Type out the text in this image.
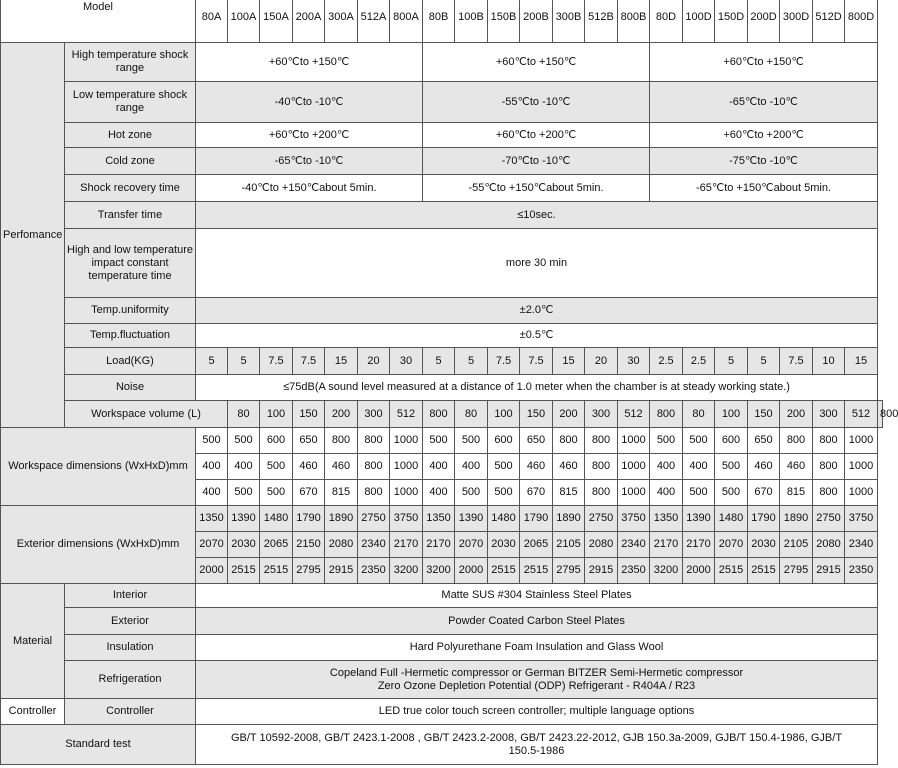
Model		80A	100A	150A	200A	300A	512A	800A	80B	100B	150B	200B	300B	512B	800B	80D	100D	150D	200D	300D	512D	800D	
Perfomance	High temperature shock range	+60℃to +150℃							+60℃to +150℃							+60℃to +150℃							
	Low temperature shock range	-40℃to -10℃							-55℃to -10℃							-65℃to -10℃							
	Hot zone	+60℃to +200℃							+60℃to +200℃							+60℃to +200℃							
	Cold zone	-65℃to -10℃							-70℃to -10℃							-75℃to -10℃							
	Shock recovery time	-40℃to +150℃about 5min.							-55℃to +150℃about 5min.							-65℃to +150℃about 5min.							
	Transfer time	≤10sec.																					
	High and low temperature impact constant temperature time	more 30 min																					
	Temp.uniformity	±2.0℃																					
	Temp.fluctuation	±0.5℃																					
	Load(KG)	5	5	7.5	7.5	15	20	30	5	5	7.5	7.5	15	20	30	2.5	2.5	5	5	7.5	10	15	
	Noise	≤75dB(A sound level measured at a distance of 1.0 meter when the chamber is at steady working state.)																					
	Workspace volume (L)		80	100	150	200	300	512	800	80	100	150	200	300	512	800	80	100	150	200	300	512	800
Workspace dimensions (WxHxD)mm		500	500	600	650	800	800	1000	500	500	600	650	800	800	1000	500	500	600	650	800	800	1000	
		400	400	500	460	460	800	1000	400	400	500	460	460	800	1000	400	400	500	460	460	800	1000	
		400	500	500	670	815	800	1000	400	500	500	670	815	800	1000	400	500	500	670	815	800	1000	
Exterior dimensions (WxHxD)mm		1350	1390	1480	1790	1890	2750	3750	1350	1390	1480	1790	1890	2750	3750	1350	1390	1480	1790	1890	2750	3750	
		2070	2030	2065	2150	2080	2340	2170	2170	2070	2030	2065	2105	2080	2340	2170	2170	2070	2030	2105	2080	2340	
		2000	2515	2515	2795	2915	2350	3200	3200	2000	2515	2515	2795	2915	2350	3200	2000	2515	2515	2795	2915	2350	
Material	Interior	Matte SUS #304 Stainless Steel Plates																					
	Exterior	Powder Coated Carbon Steel Plates																					
	Insulation	Hard Polyurethane Foam Insulation and Glass Wool																					
	Refrigeration	Copeland Full -Hermetic compressor or German BITZER Semi-Hermetic compressor
Zero Ozone Depletion Potential (ODP) Refrigerant - R404A / R23																					

Controller	Controller	LED true color touch screen controller; multiple language options																					
Standard test		GB/T 10592-2008, GB/T 2423.1-2008 , GB/T 2423.2-2008, GB/T 2423.22-2012, GJB 150.3a-2009, GJB/T 150.4-1986, GJB/T
150.5-1986																					
